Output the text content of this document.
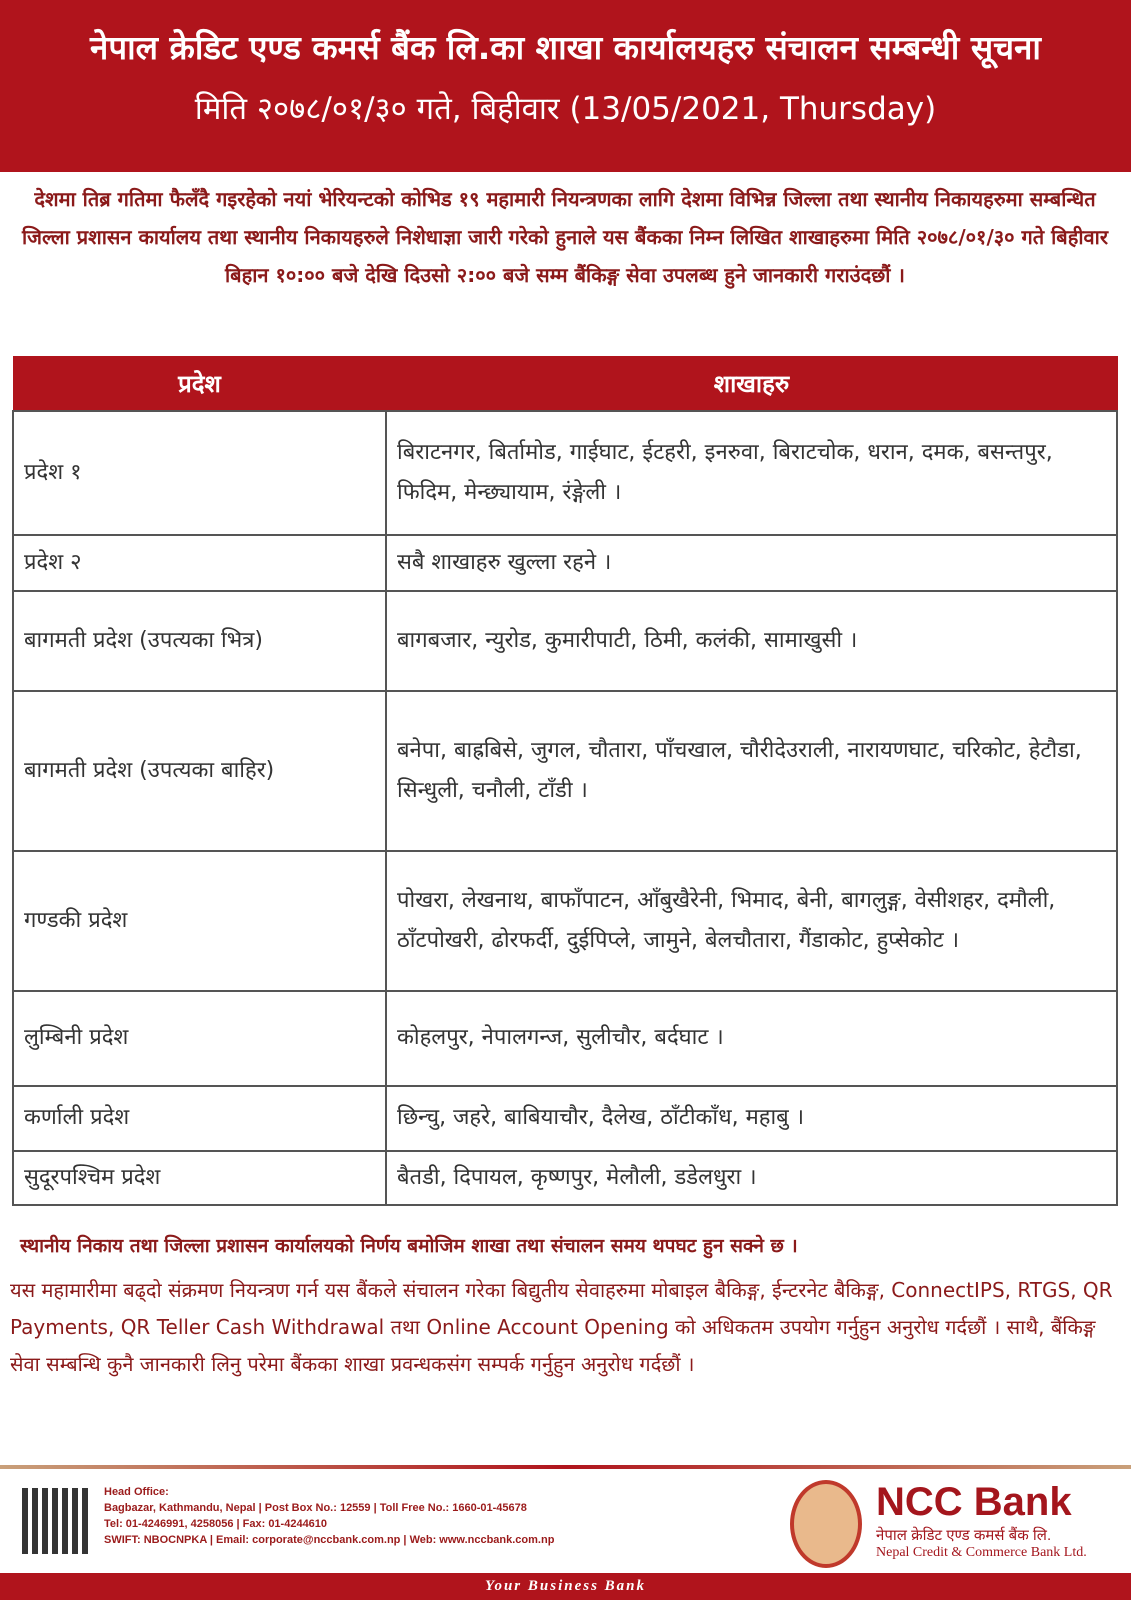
नेपाल क्रेडिट एण्ड कमर्स बैंक लि.का शाखा कार्यालयहरु संचालन सम्बन्धी सूचना
मिति २०७८/०१/३० गते, बिहीवार (13/05/2021, Thursday)
देशमा तिब्र गतिमा फैलँदै गइरहेको नयां भेरियन्टको कोभिड १९ महामारी नियन्त्रणका लागि देशमा विभिन्न जिल्ला तथा स्थानीय निकायहरुमा सम्बन्धित जिल्ला प्रशासन कार्यालय तथा स्थानीय निकायहरुले निशेधाज्ञा जारी गरेको हुनाले यस बैंकका निम्न लिखित शाखाहरुमा मिति २०७८/०१/३० गते बिहीवार बिहान १०:०० बजे देखि दिउसो २:०० बजे सम्म बैंकिङ्ग सेवा उपलब्ध हुने जानकारी गराउंदछौं ।
प्रदेश	शाखाहरु
प्रदेश १	बिराटनगर, बिर्तामोड, गाईघाट, ईटहरी, इनरुवा, बिराटचोक, धरान, दमक, बसन्तपुर, फिदिम, मेन्छ्यायाम, रंङ्गेली ।
प्रदेश २	सबै शाखाहरु खुल्ला रहने ।
बागमती प्रदेश (उपत्यका भित्र)	बागबजार, न्युरोड, कुमारीपाटी, ठिमी, कलंकी, सामाखुसी ।
बागमती प्रदेश (उपत्यका बाहिर)	बनेपा, बाह्रबिसे, जुगल, चौतारा, पाँचखाल, चौरीदेउराली, नारायणघाट, चरिकोट, हेटौडा, सिन्धुली, चनौली, टाँडी ।
गण्डकी प्रदेश	पोखरा, लेखनाथ, बाफाँपाटन, आँबुखैरेनी, भिमाद, बेनी, बागलुङ्ग, वेसीशहर, दमौली, ठाँटपोखरी, ढोरफर्दी, दुईपिप्ले, जामुने, बेलचौतारा, गैंडाकोट, हुप्सेकोट ।
लुम्बिनी प्रदेश	कोहलपुर, नेपालगन्ज, सुलीचौर, बर्दघाट ।
कर्णाली प्रदेश	छिन्चु, जहरे, बाबियाचौर, दैलेख, ठाँटीकाँध, महाबु ।
सुदूरपश्चिम प्रदेश	बैतडी, दिपायल, कृष्णपुर, मेलौली, डडेलधुरा ।
स्थानीय निकाय तथा जिल्ला प्रशासन कार्यालयको निर्णय बमोजिम शाखा तथा संचालन समय थपघट हुन सक्ने छ ।
यस महामारीमा बढ्दो संक्रमण नियन्त्रण गर्न यस बैंकले संचालन गरेका बिद्युतीय सेवाहरुमा मोबाइल बैकिङ्ग, ईन्टरनेट बैकिङ्ग, ConnectIPS, RTGS, QR Payments, QR Teller Cash Withdrawal तथा Online Account Opening को अधिकतम उपयोग गर्नुहुन अनुरोध गर्दछौं । साथै, बैंकिङ्ग सेवा सम्बन्धि कुनै जानकारी लिनु परेमा बैंकका शाखा प्रवन्धकसंग सम्पर्क गर्नुहुन अनुरोध गर्दछौं ।
Head Office:
Bagbazar, Kathmandu, Nepal | Post Box No.: 12559 | Toll Free No.: 1660-01-45678
Tel: 01-4246991, 4258056 | Fax: 01-4244610
SWIFT: NBOCNPKA | Email: corporate@nccbank.com.np | Web: www.nccbank.com.np
NCC Bank
नेपाल क्रेडिट एण्ड कमर्स बैंक लि.
Nepal Credit & Commerce Bank Ltd.
Your Business Bank
